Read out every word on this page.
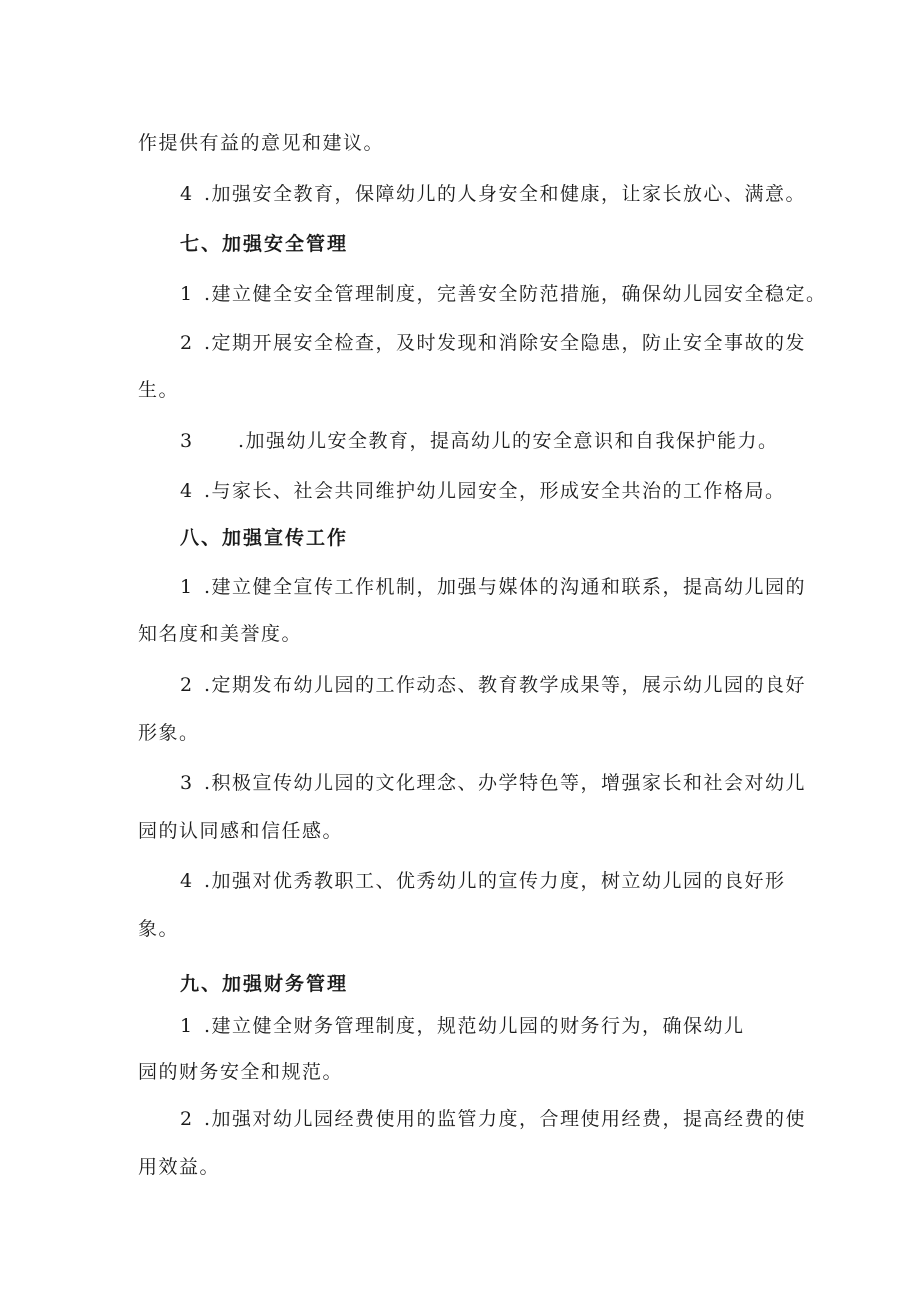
作提供有益的意见和建议。
4 .加强安全教育，保障幼儿的人身安全和健康，让家长放心、满意。
七、加强安全管理
1 .建立健全安全管理制度，完善安全防范措施，确保幼儿园安全稳定。
2 .定期开展安全检查，及时发现和消除安全隐患，防止安全事故的发
生。
3 .加强幼儿安全教育，提高幼儿的安全意识和自我保护能力。
4 .与家长、社会共同维护幼儿园安全，形成安全共治的工作格局。
八、加强宣传工作
1 .建立健全宣传工作机制，加强与媒体的沟通和联系，提高幼儿园的
知名度和美誉度。
2 .定期发布幼儿园的工作动态、教育教学成果等，展示幼儿园的良好
形象。
3 .积极宣传幼儿园的文化理念、办学特色等，增强家长和社会对幼儿
园的认同感和信任感。
4 .加强对优秀教职工、优秀幼儿的宣传力度，树立幼儿园的良好形
象。
九、加强财务管理
1 .建立健全财务管理制度，规范幼儿园的财务行为，确保幼儿
园的财务安全和规范。
2 .加强对幼儿园经费使用的监管力度，合理使用经费，提高经费的使
用效益。
